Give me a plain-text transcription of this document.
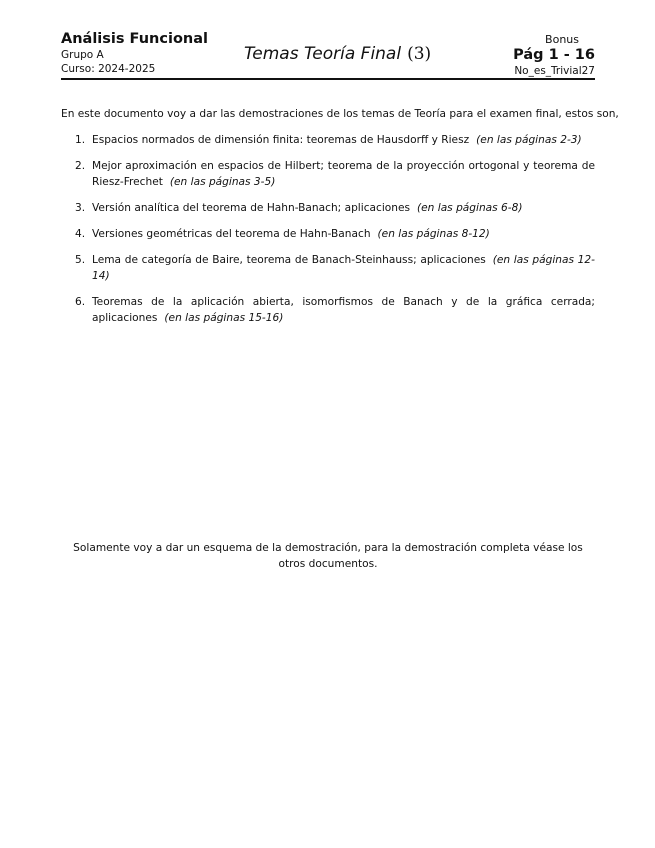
Análisis Funcional
Grupo A
Curso: 2024-2025
Temas Teoría Final (3)
Bonus
Pág 1 - 16
No_es_Trivial27
En este documento voy a dar las demostraciones de los temas de Teoría para el examen final, estos son,
1. Espacios normados de dimensión finita: teoremas de Hausdorff y Riesz (en las páginas 2-3)
2. Mejor aproximación en espacios de Hilbert; teorema de la proyección ortogonal y teorema de Riesz-Frechet (en las páginas 3-5)
3. Versión analítica del teorema de Hahn-Banach; aplicaciones (en las páginas 6-8)
4. Versiones geométricas del teorema de Hahn-Banach (en las páginas 8-12)
5. Lema de categoría de Baire, teorema de Banach-Steinhauss; aplicaciones (en las páginas 12-14)
6. Teoremas de la aplicación abierta, isomorfismos de Banach y de la gráfica cerrada; aplicaciones (en las páginas 15-16)
Solamente voy a dar un esquema de la demostración, para la demostración completa véase los otros documentos.
